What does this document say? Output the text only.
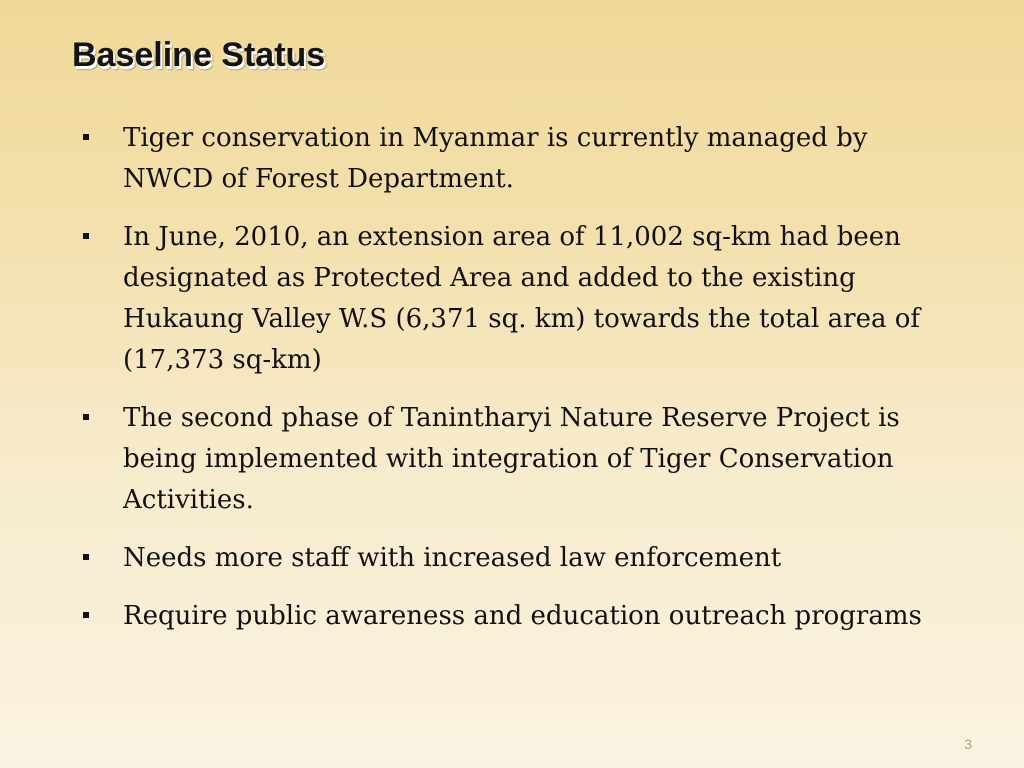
Baseline Status
Tiger conservation in Myanmar is currently managed by NWCD of Forest Department.
In June, 2010, an extension area of 11,002 sq-km had been designated as Protected Area and added to the existing Hukaung Valley W.S (6,371 sq. km) towards the total area of (17,373 sq-km)
The second phase of Tanintharyi Nature Reserve Project is being implemented with integration of Tiger Conservation Activities.
Needs more staff with increased law enforcement
Require public awareness and education outreach programs
3
